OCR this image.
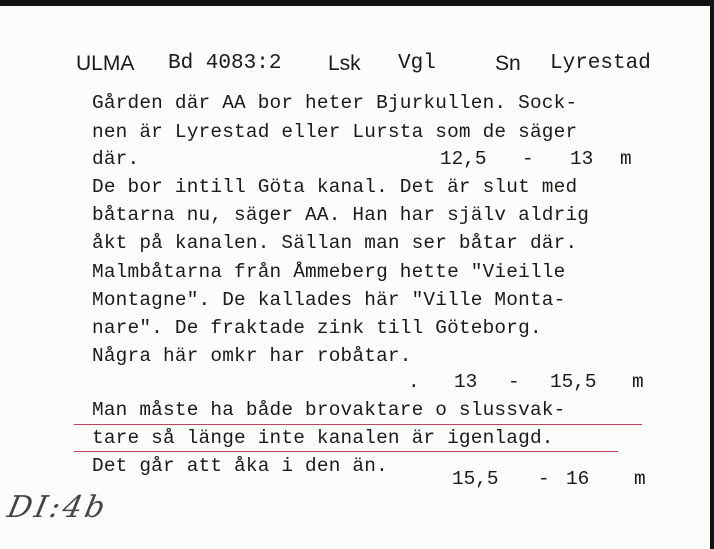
ULMA Bd 4083:2 Lsk Vgl	Sn Lyrestad
Gården där AA bor heter Bjurkullen. Sock-
nen är Lyrestad eller Lursta som de säger
där.
De bor intill Göta kanal. Det är slut med
båtarna nu, säger AA. Han har själv aldrig
åkt på kanalen. Sällan man ser båtar där.
Malmbåtarna från Åmmeberg hette "Vieille
Montagne". De kallades här "Ville Monta-
nare". De fraktade zink till Göteborg.
Några här omkr har robåtar.
Man måste ha både brovaktare o slussvak-
tare så länge inte kanalen är igenlagd.
Det går att åka i den än.
12,5 - 13 m
. 13 - 15,5 m
15,5 - 16 m
DI:4b
